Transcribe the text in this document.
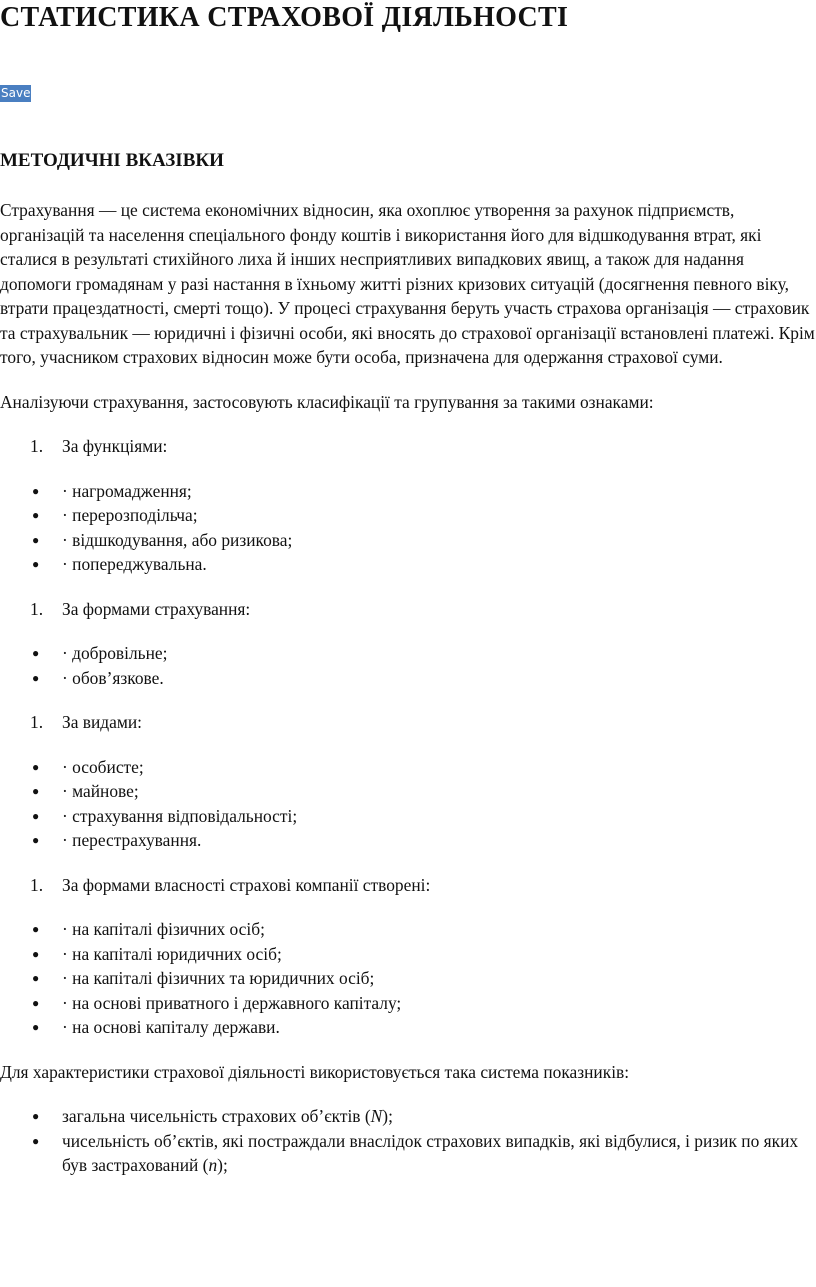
СТАТИСТИКА СТРАХОВОЇ ДІЯЛЬНОСТІ
Save
МЕТОДИЧНІ ВКАЗІВКИ

Страхування — це система економічних відносин, яка охоплює утворення за рахунок підприємств, організацій та населення спеціального фонду коштів і використання його для відшкодування втрат, які сталися в результаті стихійного лиха й інших несприятливих випадкових явищ, а також для надання допомоги громадянам у разі настання в їхньому житті різних кризових ситуацій (досягнення певного віку, втрати працездатності, смерті тощо). У процесі страхування беруть участь страхова організація — страховик та страхувальник — юридичні і фізичні особи, які вносять до страхової організації встановлені платежі. Крім того, учасником страхових відносин може бути особа, призначена для одержання страхової суми.

Аналізуючи страхування, застосовують класифікації та групування за такими ознаками:

1. За функціями:
● · нагромадження;
● · перерозподільча;
● · відшкодування, або ризикова;
● · попереджувальна.
1. За формами страхування:
● · добровільне;
● · обов’язкове.
1. За видами:
● · особисте;
● · майнове;
● · страхування відповідальності;
● · перестрахування.
1. За формами власності страхові компанії створені:
● · на капіталі фізичних осіб;
● · на капіталі юридичних осіб;
● · на капіталі фізичних та юридичних осіб;
● · на основі приватного і державного капіталу;
● · на основі капіталу держави.

Для характеристики страхової діяльності використовується така система показників:

● загальна чисельність страхових об’єктів (N);
● чисельність об’єктів, які постраждали внаслідок страхових випадків, які відбулися, і ризик по яких був застрахований (n);
